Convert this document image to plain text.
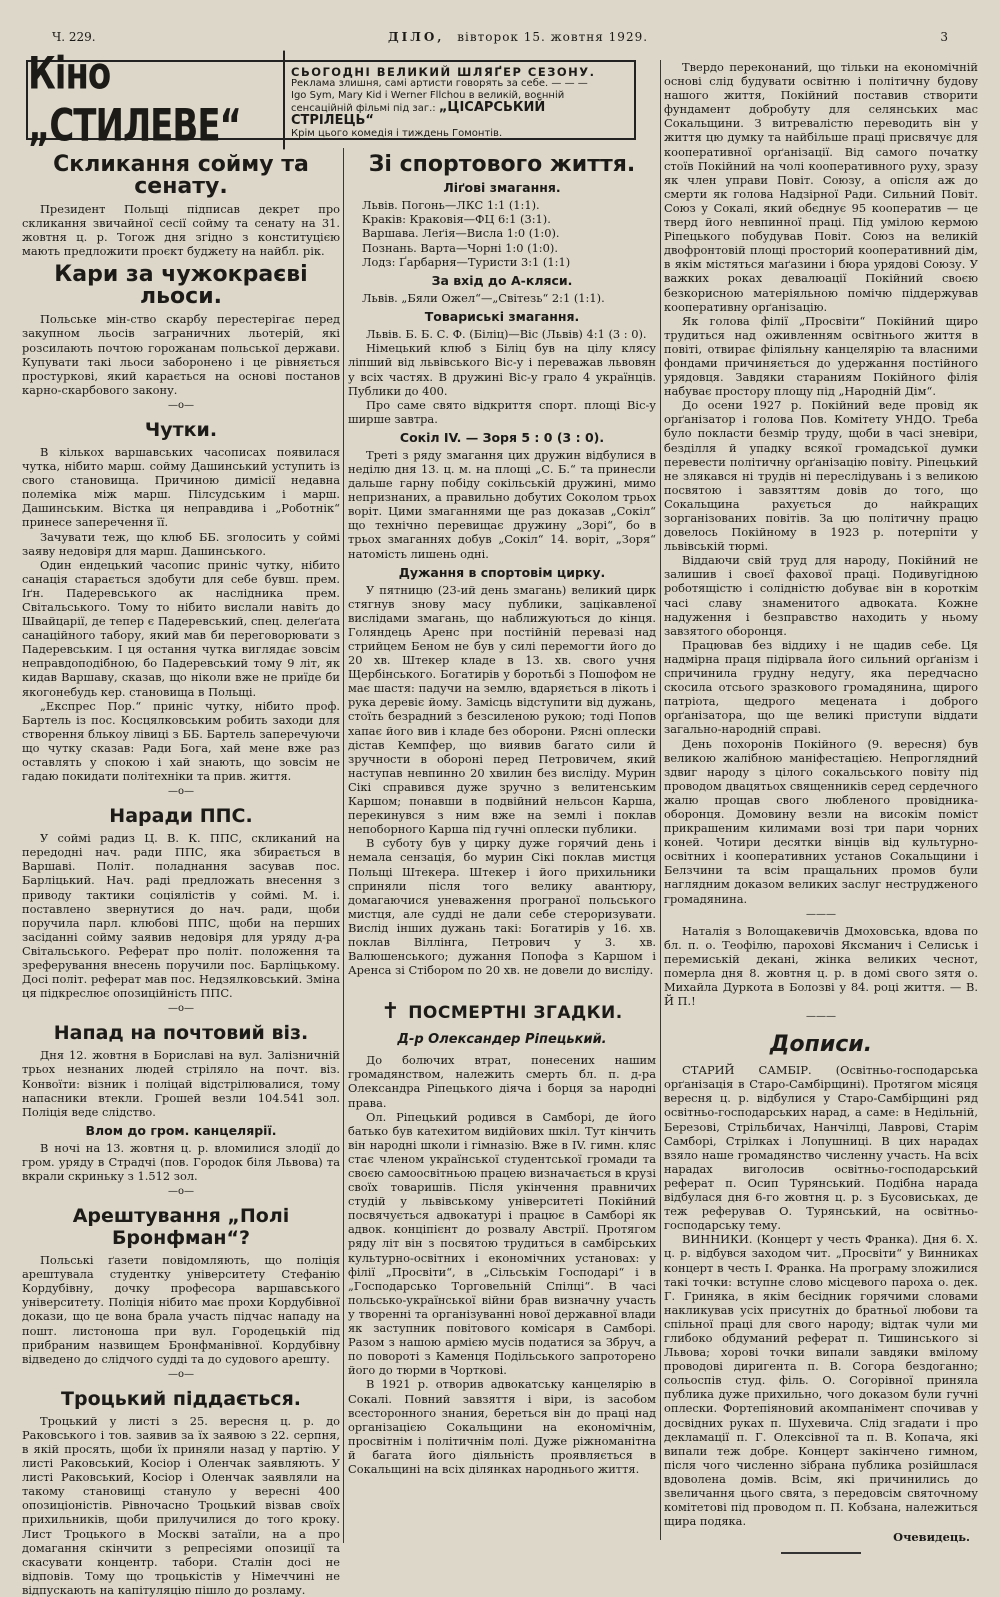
Ч. 229.	ДІЛО, вівторок 15. жовтня 1929.	3
Кіно „СТИЛЕВЕ“
СЬОГОДНІ ВЕЛИКИЙ ШЛЯҐЕР СЕЗОНУ.
Реклама злишня, самі артисти говорять за себе. — — —
Igo Sym, Mary Kid і Werner Fllchou в великій, воєнній
сенсаційній фільмі під заг.: „ЦІСАРСЬКИЙ СТРІЛЕЦЬ“
Крім цього комедія і тиждень Гомонтів.
Скликання сойму та сенату.

Президент Польщі підписав декрет про скликання звичайної сесії сойму та сенату на 31. жовтня ц. р. Тогож дня згідно з конституцією мають предложити проєкт буджету на найбл. рік.

Кари за чужокраєві льоси.

Польське мін-ство скарбу перестерігає перед закупном льосів заграничних льотерій, які розсилають почтою горожанам польської держави. Купувати такі льоси заборонено і це рівняється простуркові, який карається на основі постанов карно-скарбового закону.

—o—
Чутки.

В кількох варшавських часописах появилася чутка, нібито марш. сойму Дашинський уступить із свого становища. Причиною димісії недавна полеміка між марш. Пілсудським і марш. Дашинським. Вістка ця неправдива і „Роботнік“ принесе заперечення її.

Зачувати теж, що клюб ББ. зголосить у соймі заяву недовіря для марш. Дашинського.

Один ендецький часопис приніс чутку, нібито санація старається здобути для себе бувш. прем. Іґн. Падеревського ак наслідника прем. Світальського. Тому то нібито вислали навіть до Швайцарії, де тепер є Падеревський, спец. делеґата санаційного табору, який мав би переговорювати з Падеревським. І ця остання чутка виглядає зовсім неправдоподібною, бо Падеревський тому 9 літ, як кидав Варшаву, сказав, що ніколи вже не приїде би якогонебудь кер. становища в Польщі.

„Експрес Пор.“ приніс чутку, нібито проф. Бартель із пос. Косцялковським робить заходи для створення блькоу лівиці з ББ. Бартель заперечуючи що чутку сказав: Ради Бога, хай мене вже раз оставлять у спокою і хай знають, що зовсім не гадаю покидати політехніки та прив. життя.

—o—
Наради ППС.

У соймі радиз Ц. В. К. ППС, скликаний на передодні нач. ради ППС, яка збирається в Варшаві. Політ. поладнання засував пос. Барліцький. Нач. раді предложать внесення з приводу тактики соціялістів у соймі. М. і. поставлено звернутися до нач. ради, щоби поручила парл. клюбові ППС, щоби на перших засіданні сойму заявив недовіря для уряду д-ра Світальського. Реферат про політ. положення та зреферування внесень поручили пос. Барліцькому. Досі політ. реферат мав пос. Недзялковський. Зміна ця підкреслює опозиційність ППС.

—o—
Напад на почтовий віз.

Дня 12. жовтня в Бориславі на вул. Залізничній трьох незнаних людей стріляло на почт. віз. Конвоїти: візник і поліцай відстрілювалися, тому напасники втекли. Грошей везли 104.541 зол. Поліція веде слідство.

Влом до гром. канцелярії.

В ночі на 13. жовтня ц. р. вломилися злодії до гром. уряду в Страдчі (пов. Городок біля Львова) та вкрали скриньку з 1.512 зол.

—o—
Арештування „Полі Бронфман“?

Польські ґазети повідомляють, що поліція арештувала студентку університету Стефанію Кордубівну, дочку професора варшавського університету. Поліція нібито має прохи Кордубівної докази, що це вона брала участь підчас нападу на пошт. листоноша при вул. Городецькій під прибраним назвищем Бронфманівної. Кордубівну відведено до слідчого судді та до судового арешту.

—o—
Троцький піддається.

Троцький у листі з 25. вересня ц. р. до Раковського і тов. заявив за їх заявою з 22. серпня, в якій просять, щоби їх приняли назад у партію. У листі Раковський, Косіор і Оленчак заявляють. У листі Раковський, Косіор і Оленчак заявляли на такому становищі стануло у вересні 400 опозиціоністів. Рівночасно Троцький візвав своїх прихильників, щоби прилучилися до того кроку. Лист Троцького в Москві затаїли, на а про домагання скінчити з репресіями опозиції та скасувати концентр. табори. Сталін досі не відповів. Тому що троцькістів у Німеччині не відпускають на капітуляцію пішло до розламу.

Зі спортового життя.
Ліґові змагання.
Львів. Погонь—ЛКС 1:1 (1:1).
Краків: Краковія—ФЦ 6:1 (3:1).
Варшава. Леґія—Висла 1:0 (1:0).
Познань. Варта—Чорні 1:0 (1:0).
Лодз: Ґарбарня—Туристи 3:1 (1:1)
За вхід до А-кляси.
Львів. „Бяли Ожел“—„Світезь“ 2:1 (1:1).
Товариські змагання.

Львів. Б. Б. С. Ф. (Біліц)—Віс (Львів) 4:1 (3 : 0).

Німецький клюб з Біліц був на цілу клясу ліпший від львівського Віс-у і переважав львовян у всіх частях. В дружині Віс-у грало 4 українців. Публики до 400.

Про саме свято відкриття спорт. площі Віс-у ширше завтра.

Сокіл IV. — Зоря 5 : 0 (3 : 0).

Треті з ряду змагання цих дружин відбулися в неділю дня 13. ц. м. на площі „С. Б.“ та принесли дальше гарну побіду сокільській дружині, мимо непризнаних, а правильно добутих Соколом трьох воріт. Цими змаганнями ще раз доказав „Сокіл“ що технічно перевищає дружину „Зорі“, бо в трьох змаганнях добув „Сокіл“ 14. воріт, „Зоря“ натомість лишень одні.

Дужання в спортовім цирку.

У пятницю (23-ий день змагань) великий цирк стягнув знову масу публики, зацікавленої вислідами змагань, що наближуються до кінця. Голяндець Аренс при постійній перевазі над стрийцем Беном не був у силі перемогти його до 20 хв. Штекер кладе в 13. хв. свого учня Щербінського. Богатирів у боротьбі з Пошофом не має шастя: падучи на землю, вдаряється в лікоть і рука деревіє йому. Замісць відступити від дужань, стоїть безрадний з безсиленою рукою; тоді Попов хапає його вив і кладе без оборони. Рясні оплески дістав Кемпфер, що виявив багато сили й зручности в обороні перед Петровичем, який наступав невпинно 20 хвилин без висліду. Мурин Сікі справився дуже зручно з велитенським Каршом; понавши в подвійний нельсон Карша, перекинувся з ним вже на землі і поклав непоборного Карша під гучні оплески публики.

В суботу був у цирку дуже горячий день і немала сензація, бо мурин Сікі поклав мистця Польщі Штекера. Штекер і його прихильники сприняли після того велику авантюру, домагаючися уневаження програної польського мистця, але судді не дали себе стероризувати. Вислід інших дужань такі: Богатирів у 16. хв. поклав Віллінга, Петрович у 3. хв. Валюшенського; дужання Попофа з Каршом і Аренса зі Стібором по 20 хв. не довели до висліду.

✝ ПОСМЕРТНІ ЗГАДКИ.
Д-р Олександер Ріпецький.

До болючих втрат, понесених нашим громадянством, належить смерть бл. п. д-ра Олександра Ріпецького діяча і борця за народні права.

Ол. Ріпецький родився в Самборі, де його батько був катехитом видійових шкіл. Тут кінчить він народні школи і гімназію. Вже в IV. гимн. кляс стає членом української студентської громади та своєю самоосвітньою працею визначається в крузі своїх товаришів. Після укінчення правничих студій у львівському університеті Покійний посвячується адвокатурі і працює в Самборі як адвок. конціпієнт до розвалу Австрії. Протягом ряду літ він з посвятою трудиться в самбірських культурно-освітних і економічних установах: у філії „Просвіти“, в „Сільськім Господарі“ і в „Господарсько Торговельній Спілці“. В часі польсько-української війни брав визначну участь у творенні та організуванні нової державної влади як заступник повітового комісаря в Самборі. Разом з нашою армією мусів податися за Збруч, а по повороті з Каменця Подільського запроторено його до тюрми в Чорткові.

В 1921 р. отворив адвокатську канцелярію в Сокалі. Повний завзяття і віри, із засобом всесторонного знания, береться він до праці над організацією Сокальщини на економічнім, просвітнім і політичнім полі. Дуже ріжноманітна й багата його діяльність проявляється в Сокальщині на всіх ділянках народнього життя.

Твердо переконаний, що тільки на економічній основі слід будувати освітню і політичну будову нашого життя, Покійний поставив створити фундамент добробуту для селянських мас Сокальщини. З витревалістю переводить він у життя цю думку та найбільше праці присвячує для кооперативної орґанізації. Від самого початку стоїв Покійний на чолі кооперативного руху, зразу як член управи Повіт. Союзу, а опісля аж до смерти як голова Надзірної Ради. Сильний Повіт. Союз у Сокалі, який обєднує 95 кооператив — це тверд його невпинної праці. Під умілою кермою Ріпецького побудував Повіт. Союз на великій двофронтовій площі просторий кооперативний дім, в якім містяться маґазини і бюра урядові Союзу. У важких роках девалюації Покійний своєю безкорисною матеріяльною помічю піддержував кооперативну орґанізацію.

Як голова філії „Просвіти“ Покійний щиро трудиться над оживленням освітнього життя в повіті, отвирає філіяльну канцелярію та власними фондами причиняється до удержання постійного урядовця. Завдяки стараниям Покійного філія набуває простору площу під „Народній Дім“.

До осени 1927 р. Покійний веде провід як орґанізатор і голова Пов. Комітету УНДО. Треба було покласти безмір труду, щоби в часі зневіри, безділля й упадку всякої громадської думки перевести політичну орґанізацію повіту. Ріпецький не злякався ні трудів ні переслідувань і з великою посвятою і завзяттям довів до того, що Сокальщина рахується до найкращих зорганізованих повітів. За цю політичну працю довелось Покійному в 1923 р. потерпіти у львівській тюрмі.

Віддаючи свій труд для народу, Покійний не залишив і своєї фахової праці. Подивугідною роботящістю і солідністю добуває він в короткім часі славу знаменитого адвоката. Кожне надуження і безправство находить у ньому завзятого оборонця.

Працював без віддиху і не щадив себе. Ця надмірна праця підірвала його сильний орґанізм і спричинила грудну недугу, яка передчасно скосила отсього зразкового громадянина, щирого патріота, щедрого мецената і доброго орґанізатора, що ще великі приступи віддати загально-народній справі.

День похоронів Покійного (9. вересня) був великою жалібною маніфестацією. Непроглядний здвиг народу з цілого сокальського повіту під проводом двацятьох священників серед сердечного жалю прощав свого любленого провідника-оборонця. Домовину везли на високім поміст прикрашеним килимами возі три пари чорних коней. Чотири десятки вінців від культурно-освітних і кооперативних установ Сокальщини і Белзчини та всім пращальних промов були наглядним доказом великих заслуг неструдженого громадянина.

———

Наталія з Волощакевичів Дмоховська, вдова по бл. п. о. Теофілю, парохові Яксманич і Селиськ і перемиській декані, жінка великих чеснот, померла дня 8. жовтня ц. р. в домі свого зятя о. Михайла Дуркота в Болозві у 84. році життя. — В. Й П.!

———
Дописи.

СТАРИЙ САМБІР. (Освітньо-господарська орґанізація в Старо-Самбірщині). Протягом місяця вересня ц. р. відбулися у Старо-Самбірщині ряд освітньо-господарських нарад, а саме: в Недільній, Березові, Стрільбичах, Нанчілці, Лаврові, Старім Самборі, Стрілках і Лопушниці. В цих нарадах взяло наше громадянство численну участь. На всіх нарадах виголосив освітньо-господарський реферат п. Осип Турянський. Подібна нарада відбулася дня 6-го жовтня ц. р. з Бусовиськах, де теж реферував О. Турянський, на освітньо-господарську тему.

ВИННИКИ. (Концерт у честь Франка). Дня 6. Х. ц. р. відбувся заходом чит. „Просвіти“ у Винниках концерт в честь І. Франка. На програму зложилися такі точки: вступне слово місцевого пароха о. дек. Г. Гриняка, в якім бесідник горячими словами накликував усіх присутніх до братньої любови та спільної праці для свого народу; відтак чули ми глибоко обдуманий реферат п. Тишинського зі Львова; хорові точки випали завдяки вмілому проводові диригента п. В. Согора бездоганно; сольоспів студ. філь. О. Согорівної приняла публика дуже прихильно, чого доказом були гучні оплески. Фортепіяновий акомпанімент спочивав у досвідних руках п. Шухевича. Слід згадати і про декламації п. Г. Олексівної та п. В. Копача, які випали теж добре. Концерт закінчено гимном, після чого численно зібрана публика розійшлася вдоволена домів. Всім, які причинились до звеличання цього свята, з передовсім святочному комітетові під проводом п. П. Кобзана, належиться щира подяка.

Очевидець.
